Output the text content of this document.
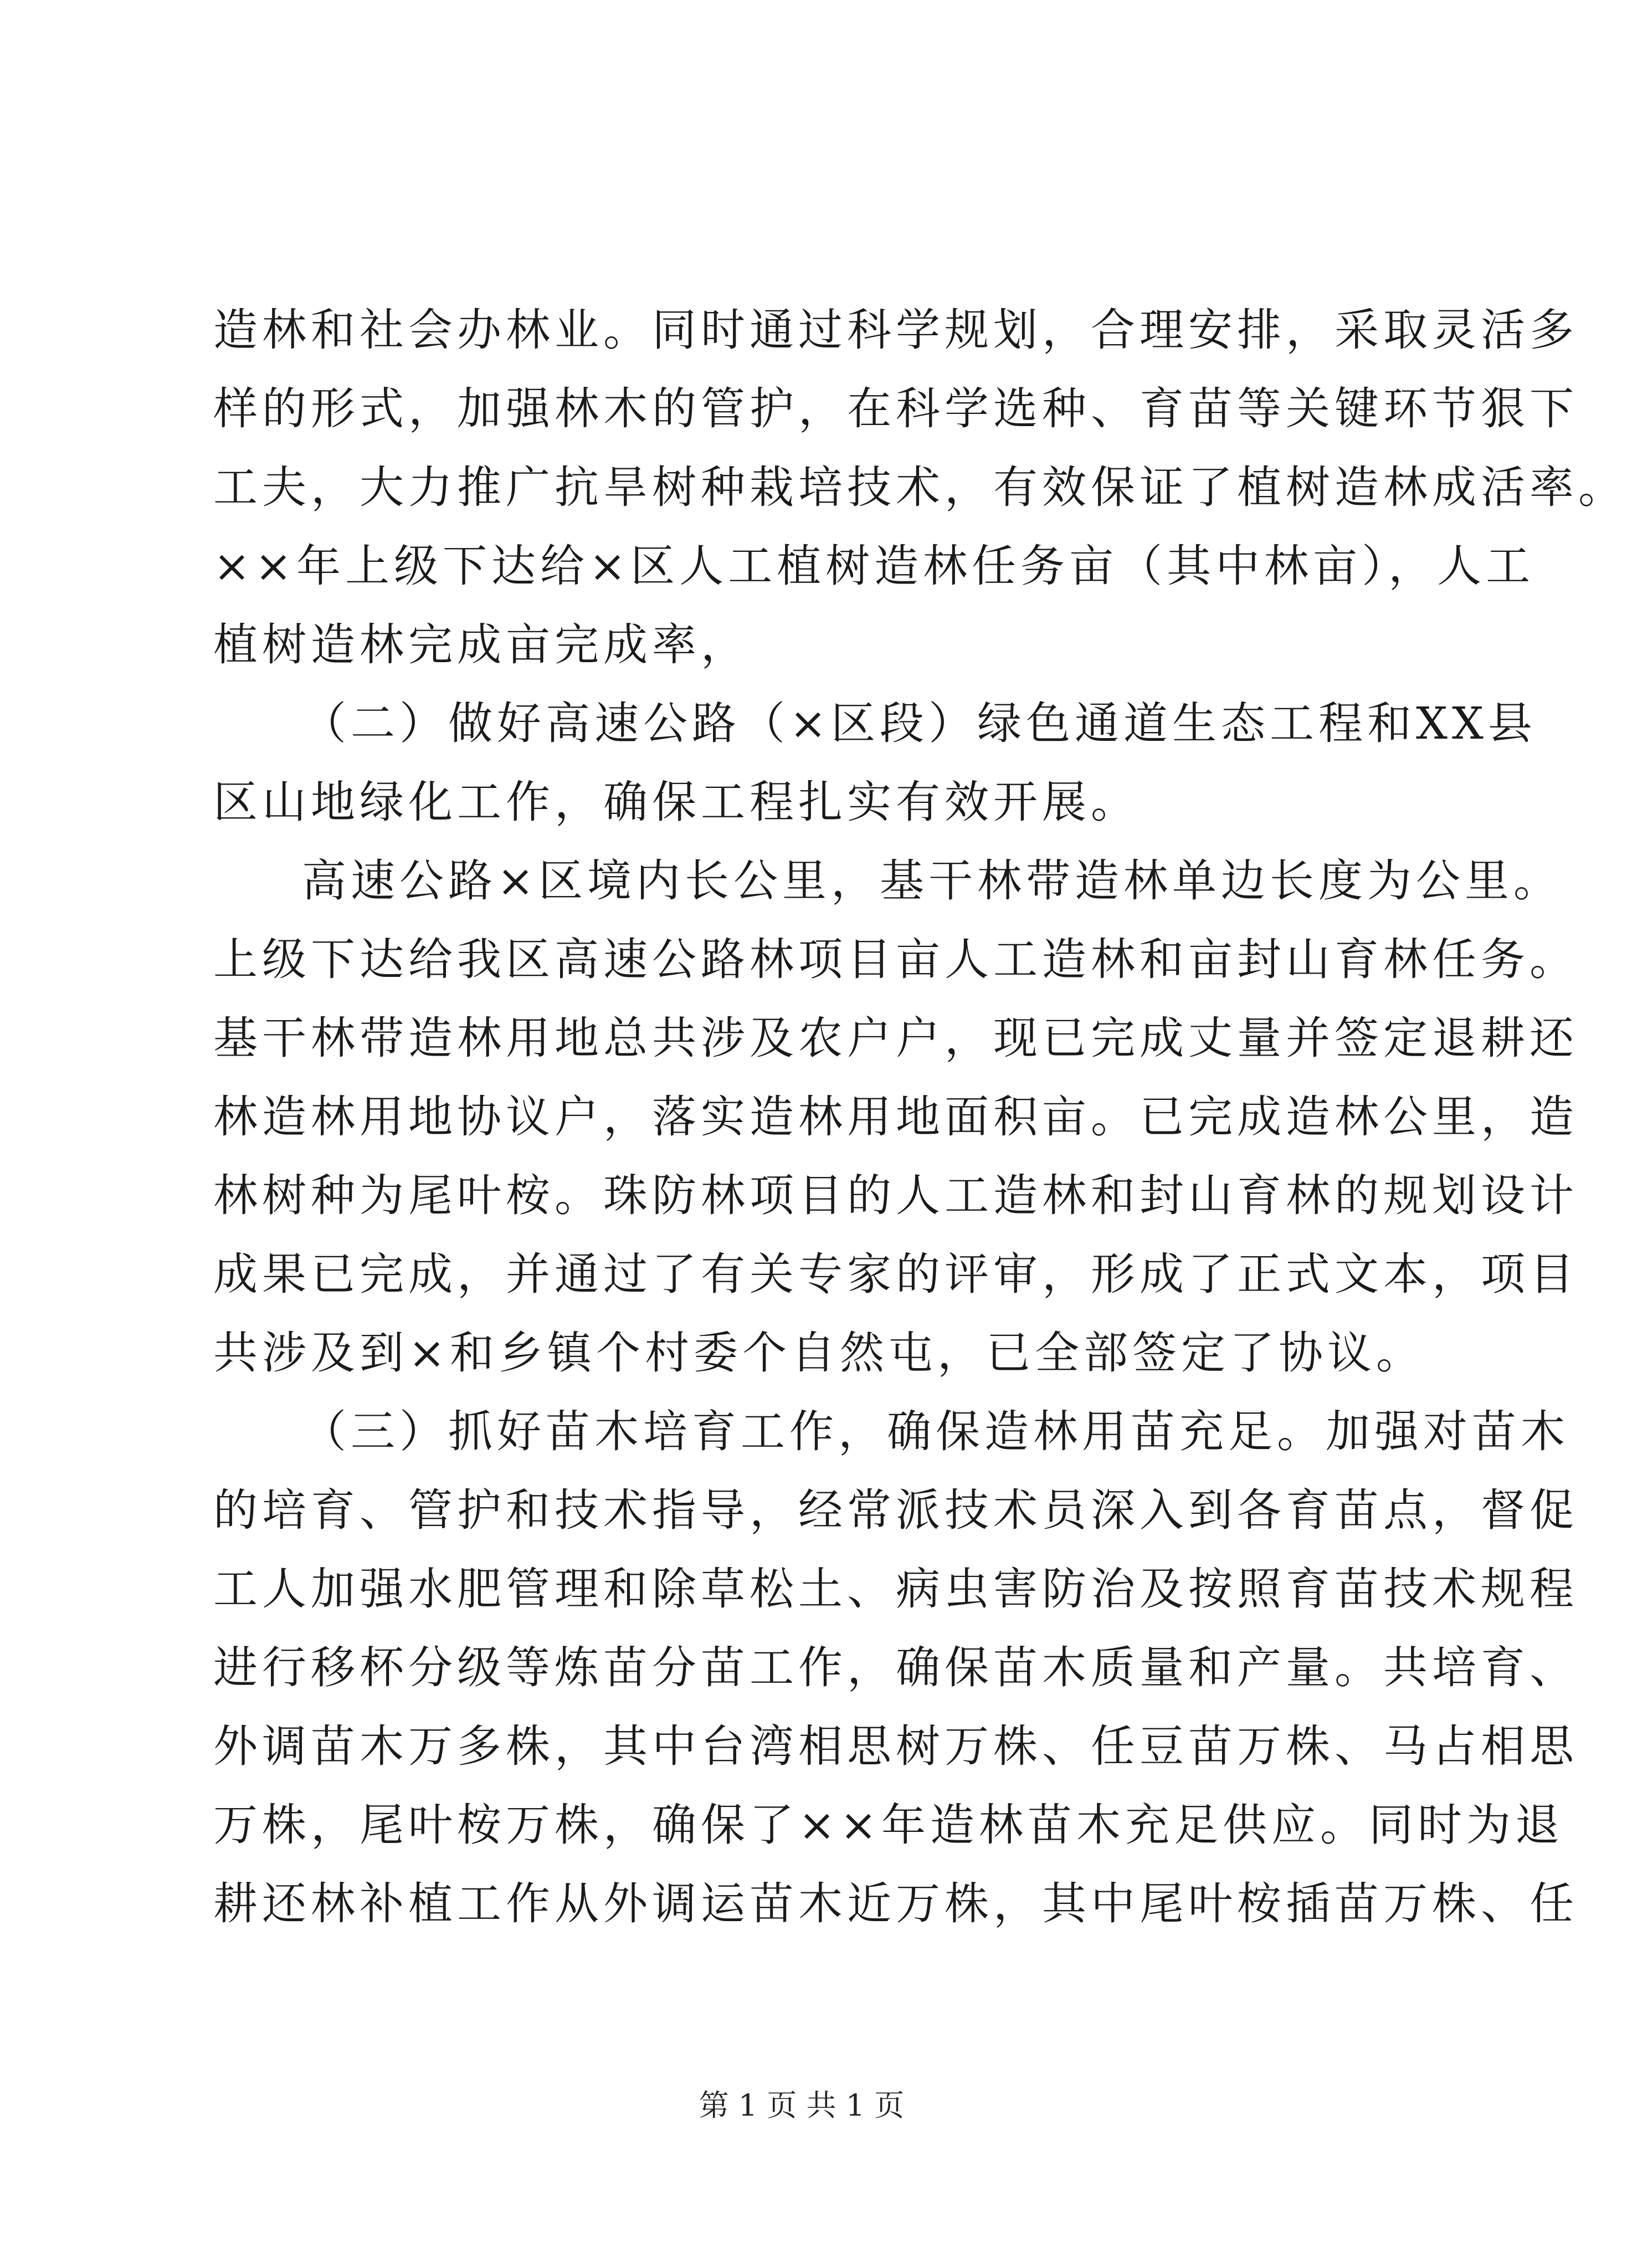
造林和社会办林业。同时通过科学规划，合理安排，采取灵活多
样的形式，加强林木的管护，在科学选种、育苗等关键环节狠下
工夫，大力推广抗旱树种栽培技术，有效保证了植树造林成活率。
××年上级下达给×区人工植树造林任务亩（其中林亩），人工
植树造林完成亩完成率，
（二）做好高速公路（×区段）绿色通道生态工程和XX县
区山地绿化工作，确保工程扎实有效开展。
高速公路×区境内长公里，基干林带造林单边长度为公里。
上级下达给我区高速公路林项目亩人工造林和亩封山育林任务。
基干林带造林用地总共涉及农户户，现已完成丈量并签定退耕还
林造林用地协议户，落实造林用地面积亩。已完成造林公里，造
林树种为尾叶桉。珠防林项目的人工造林和封山育林的规划设计
成果已完成，并通过了有关专家的评审，形成了正式文本，项目
共涉及到×和乡镇个村委个自然屯，已全部签定了协议。
（三）抓好苗木培育工作，确保造林用苗充足。加强对苗木
的培育、管护和技术指导，经常派技术员深入到各育苗点，督促
工人加强水肥管理和除草松土、病虫害防治及按照育苗技术规程
进行移杯分级等炼苗分苗工作，确保苗木质量和产量。共培育、
外调苗木万多株，其中台湾相思树万株、任豆苗万株、马占相思
万株，尾叶桉万株，确保了××年造林苗木充足供应。同时为退
耕还林补植工作从外调运苗木近万株，其中尾叶桉插苗万株、任
第 1 页 共 1 页
